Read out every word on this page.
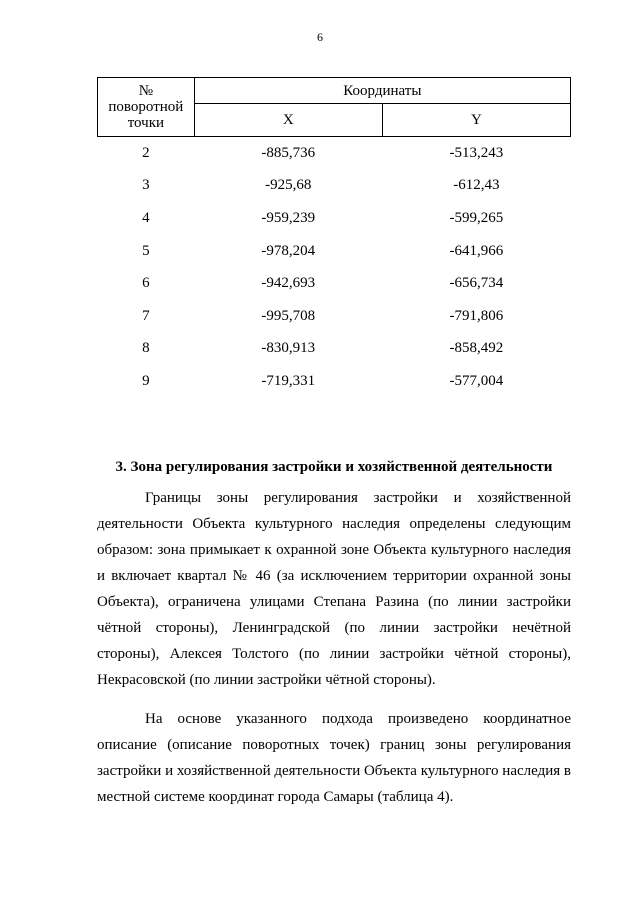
6
№
поворотной
точки	Координаты	
	X	Y
2	-885,736	-513,243
3	-925,68	-612,43
4	-959,239	-599,265
5	-978,204	-641,966
6	-942,693	-656,734
7	-995,708	-791,806
8	-830,913	-858,492
9	-719,331	-577,004
3. Зона регулирования застройки и хозяйственной деятельности

Границы зоны регулирования застройки и хозяйственной деятельности Объекта культурного наследия определены следующим образом: зона примыкает к охранной зоне Объекта культурного наследия и включает квартал № 46 (за исключением территории охранной зоны Объекта), ограничена улицами Степана Разина (по линии застройки чётной стороны), Ленинградской (по линии застройки нечётной стороны), Алексея Толстого (по линии застройки чётной стороны), Некрасовской (по линии застройки чётной стороны).

На основе указанного подхода произведено координатное описание (описание поворотных точек) границ зоны регулирования застройки и хозяйственной деятельности Объекта культурного наследия в местной системе координат города Самары (таблица 4).
